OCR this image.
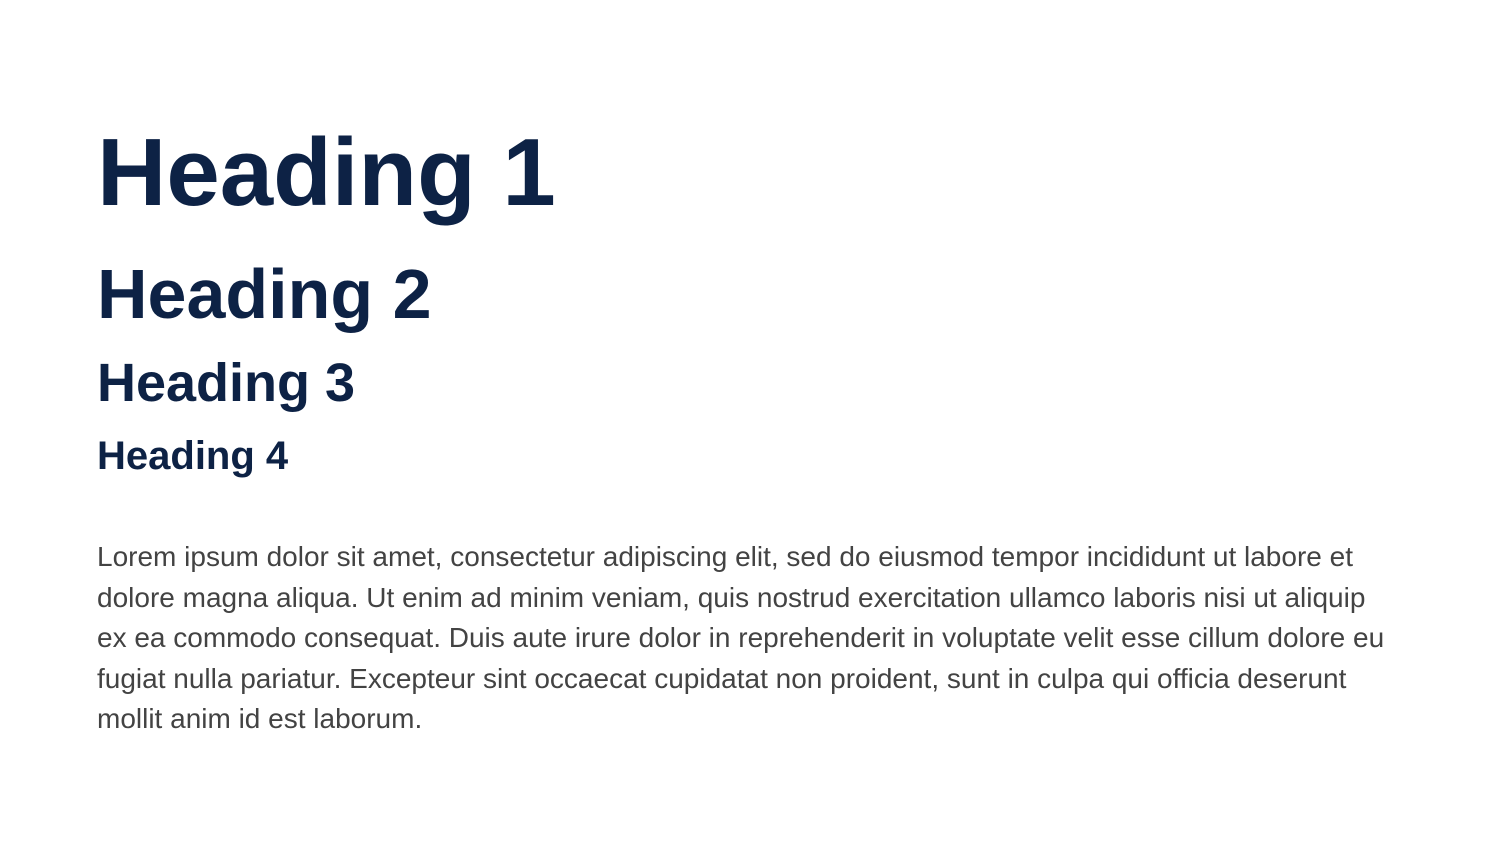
Heading 1
Heading 2
Heading 3
Heading 4

Lorem ipsum dolor sit amet, consectetur adipiscing elit, sed do eiusmod tempor incididunt ut labore et dolore magna aliqua. Ut enim ad minim veniam, quis nostrud exercitation ullamco laboris nisi ut aliquip ex ea commodo consequat. Duis aute irure dolor in reprehenderit in voluptate velit esse cillum dolore eu fugiat nulla pariatur. Excepteur sint occaecat cupidatat non proident, sunt in culpa qui officia deserunt mollit anim id est laborum.
